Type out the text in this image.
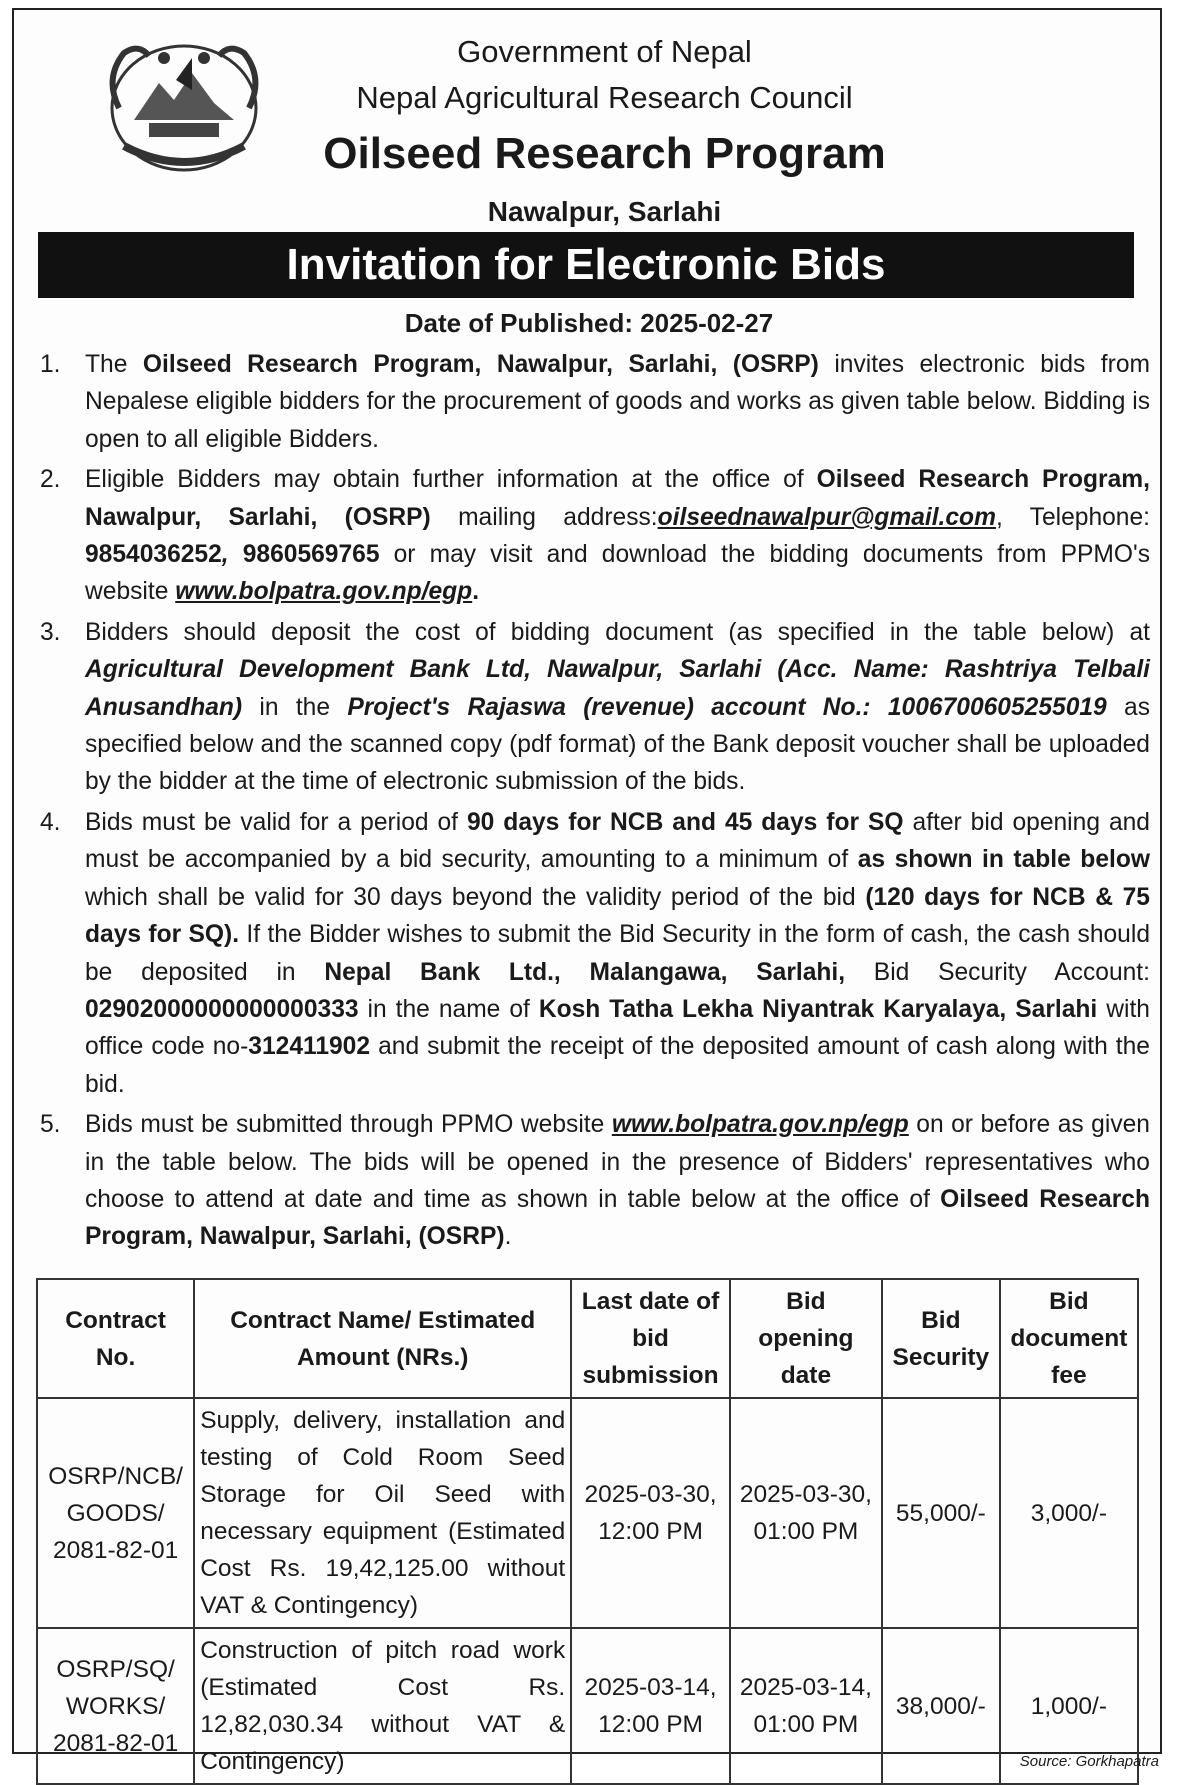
Government of Nepal
Nepal Agricultural Research Council
Oilseed Research Program
Nawalpur, Sarlahi
Invitation for Electronic Bids
Date of Published: 2025-02-27
1. The Oilseed Research Program, Nawalpur, Sarlahi, (OSRP) invites electronic bids from Nepalese eligible bidders for the procurement of goods and works as given table below. Bidding is open to all eligible Bidders.
2. Eligible Bidders may obtain further information at the office of Oilseed Research Program, Nawalpur, Sarlahi, (OSRP) mailing address:oilseednawalpur@gmail.com, Telephone: 9854036252, 9860569765 or may visit and download the bidding documents from PPMO's website www.bolpatra.gov.np/egp.
3. Bidders should deposit the cost of bidding document (as specified in the table below) at Agricultural Development Bank Ltd, Nawalpur, Sarlahi (Acc. Name: Rashtriya Telbali Anusandhan) in the Project's Rajaswa (revenue) account No.: 1006700605255019 as specified below and the scanned copy (pdf format) of the Bank deposit voucher shall be uploaded by the bidder at the time of electronic submission of the bids.
4. Bids must be valid for a period of 90 days for NCB and 45 days for SQ after bid opening and must be accompanied by a bid security, amounting to a minimum of as shown in table below which shall be valid for 30 days beyond the validity period of the bid (120 days for NCB & 75 days for SQ). If the Bidder wishes to submit the Bid Security in the form of cash, the cash should be deposited in Nepal Bank Ltd., Malangawa, Sarlahi, Bid Security Account: 02902000000000000333 in the name of Kosh Tatha Lekha Niyantrak Karyalaya, Sarlahi with office code no-312411902 and submit the receipt of the deposited amount of cash along with the bid.
5. Bids must be submitted through PPMO website www.bolpatra.gov.np/egp on or before as given in the table below. The bids will be opened in the presence of Bidders' representatives who choose to attend at date and time as shown in table below at the office of Oilseed Research Program, Nawalpur, Sarlahi, (OSRP).
Contract No.	Contract Name/ Estimated Amount (NRs.)	Last date of bid submission	Bid opening date	Bid Security	Bid document fee
OSRP/NCB/ GOODS/ 2081-82-01	Supply, delivery, installation and testing of Cold Room Seed Storage for Oil Seed with necessary equipment (Estimated Cost Rs. 19,42,125.00 without VAT & Contingency)	2025-03-30, 12:00 PM	2025-03-30, 01:00 PM	55,000/-	3,000/-
OSRP/SQ/ WORKS/ 2081-82-01	Construction of pitch road work (Estimated Cost Rs. 12,82,030.34 without VAT & Contingency)	2025-03-14, 12:00 PM	2025-03-14, 01:00 PM	38,000/-	1,000/-
Source: Gorkhapatra
